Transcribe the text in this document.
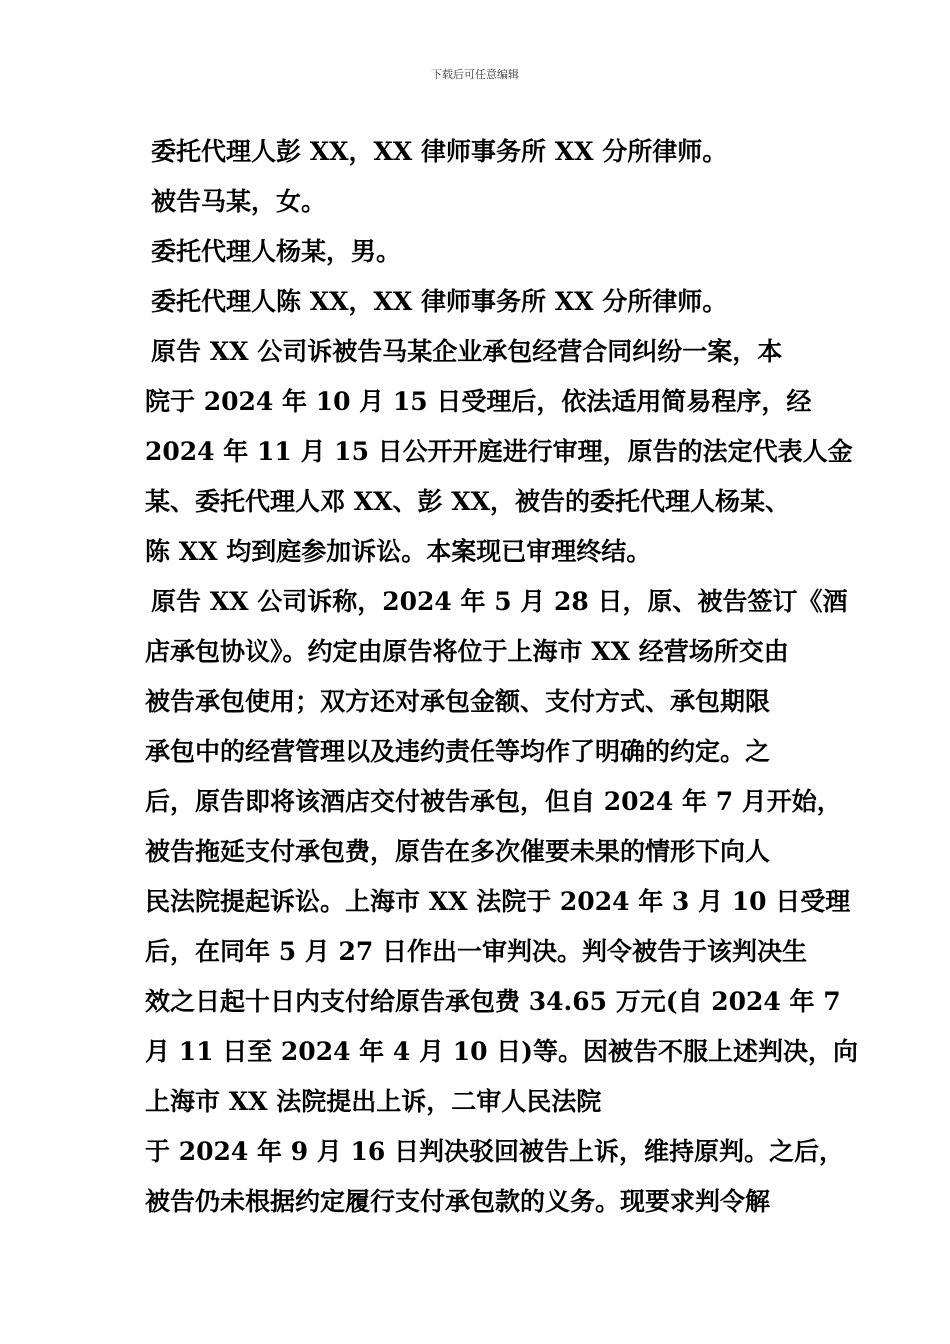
下载后可任意编辑
委托代理人彭 XX，XX 律师事务所 XX 分所律师。
被告马某，女。
委托代理人杨某，男。
委托代理人陈 XX，XX 律师事务所 XX 分所律师。
原告 XX 公司诉被告马某企业承包经营合同纠纷一案，本
院于 2024 年 10 月 15 日受理后，依法适用简易程序，经
2024 年 11 月 15 日公开开庭进行审理，原告的法定代表人金
某、委托代理人邓 XX、彭 XX，被告的委托代理人杨某、
陈 XX 均到庭参加诉讼。本案现已审理终结。
原告 XX 公司诉称，2024 年 5 月 28 日，原、被告签订《酒
店承包协议》。约定由原告将位于上海市 XX 经营场所交由
被告承包使用；双方还对承包金额、支付方式、承包期限
承包中的经营管理以及违约责任等均作了明确的约定。之
后，原告即将该酒店交付被告承包，但自 2024 年 7 月开始，
被告拖延支付承包费，原告在多次催要未果的情形下向人
民法院提起诉讼。上海市 XX 法院于 2024 年 3 月 10 日受理
后，在同年 5 月 27 日作出一审判决。判令被告于该判决生
效之日起十日内支付给原告承包费 34.65 万元(自 2024 年 7
月 11 日至 2024 年 4 月 10 日)等。因被告不服上述判决，向
上海市 XX 法院提出上诉，二审人民法院
于 2024 年 9 月 16 日判决驳回被告上诉，维持原判。之后，
被告仍未根据约定履行支付承包款的义务。现要求判令解
